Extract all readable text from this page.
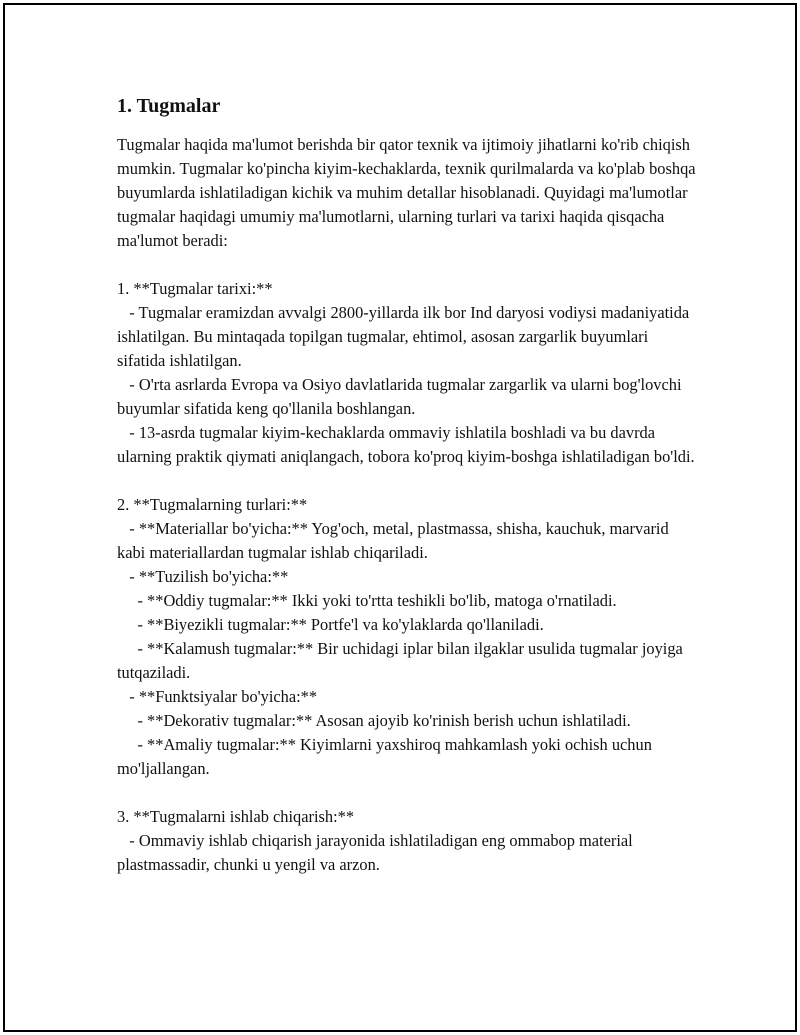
1. Tugmalar

Tugmalar haqida ma'lumot berishda bir qator texnik va ijtimoiy jihatlarni ko'rib chiqish mumkin. Tugmalar ko'pincha kiyim-kechaklarda, texnik qurilmalarda va ko'plab boshqa buyumlarda ishlatiladigan kichik va muhim detallar hisoblanadi. Quyidagi ma'lumotlar tugmalar haqidagi umumiy ma'lumotlarni, ularning turlari va tarixi haqida qisqacha ma'lumot beradi:

1. **Tugmalar tarixi:**
- Tugmalar eramizdan avvalgi 2800-yillarda ilk bor Ind daryosi vodiysi madaniyatida ishlatilgan. Bu mintaqada topilgan tugmalar, ehtimol, asosan zargarlik buyumlari sifatida ishlatilgan.
- O'rta asrlarda Evropa va Osiyo davlatlarida tugmalar zargarlik va ularni bog'lovchi buyumlar sifatida keng qo'llanila boshlangan.
- 13-asrda tugmalar kiyim-kechaklarda ommaviy ishlatila boshladi va bu davrda ularning praktik qiymati aniqlangach, tobora ko'proq kiyim-boshga ishlatiladigan bo'ldi.

2. **Tugmalarning turlari:**
- **Materiallar bo'yicha:** Yog'och, metal, plastmassa, shisha, kauchuk, marvarid kabi materiallardan tugmalar ishlab chiqariladi.
- **Tuzilish bo'yicha:**
- **Oddiy tugmalar:** Ikki yoki to'rtta teshikli bo'lib, matoga o'rnatiladi.
- **Biyezikli tugmalar:** Portfe'l va ko'ylaklarda qo'llaniladi.
- **Kalamush tugmalar:** Bir uchidagi iplar bilan ilgaklar usulida tugmalar joyiga tutqaziladi.
- **Funktsiyalar bo'yicha:**
- **Dekorativ tugmalar:** Asosan ajoyib ko'rinish berish uchun ishlatiladi.
- **Amaliy tugmalar:** Kiyimlarni yaxshiroq mahkamlash yoki ochish uchun mo'ljallangan.

3. **Tugmalarni ishlab chiqarish:**
- Ommaviy ishlab chiqarish jarayonida ishlatiladigan eng ommabop material plastmassadir, chunki u yengil va arzon.
